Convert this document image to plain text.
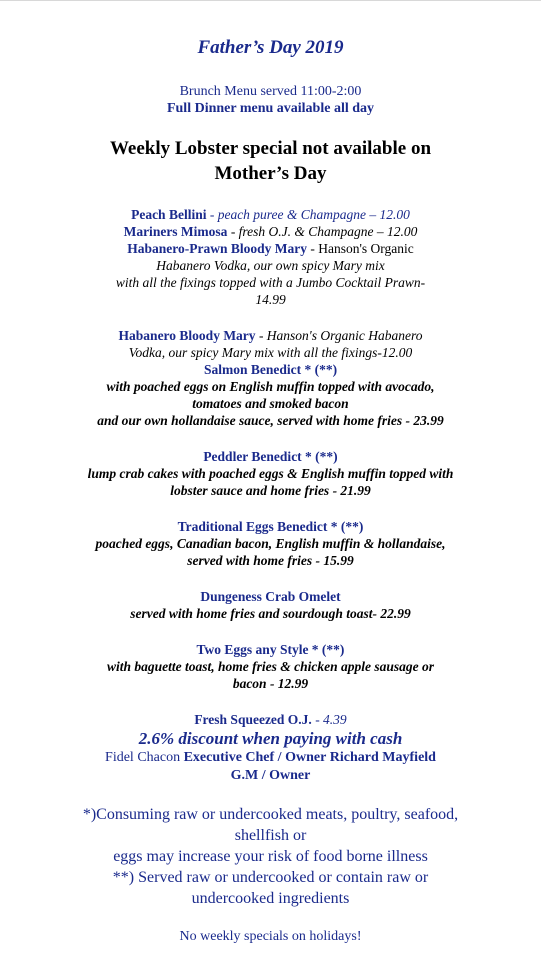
Father’s Day 2019

Brunch Menu served 11:00-2:00
Full Dinner menu available all day
Weekly Lobster special not available on
Mother’s Day
Peach Bellini - peach puree & Champagne – 12.00
Mariners Mimosa - fresh O.J. & Champagne – 12.00
Habanero-Prawn Bloody Mary - Hanson's Organic
Habanero Vodka, our own spicy Mary mix
with all the fixings topped with a Jumbo Cocktail Prawn-
14.99
Habanero Bloody Mary - Hanson's Organic Habanero
Vodka, our spicy Mary mix with all the fixings-12.00
Salmon Benedict * (**)
with poached eggs on English muffin topped with avocado,
tomatoes and smoked bacon
and our own hollandaise sauce, served with home fries - 23.99
Peddler Benedict * (**)
lump crab cakes with poached eggs & English muffin topped with
lobster sauce and home fries - 21.99
Traditional Eggs Benedict * (**)
poached eggs, Canadian bacon, English muffin & hollandaise,
served with home fries - 15.99
Dungeness Crab Omelet
served with home fries and sourdough toast- 22.99
Two Eggs any Style * (**)
with baguette toast, home fries & chicken apple sausage or
bacon - 12.99
Fresh Squeezed O.J. - 4.39
2.6% discount when paying with cash
Fidel Chacon Executive Chef / Owner Richard Mayfield
G.M / Owner
*)Consuming raw or undercooked meats, poultry, seafood,
shellfish or
eggs may increase your risk of food borne illness
**) Served raw or undercooked or contain raw or
undercooked ingredients
No weekly specials on holidays!
